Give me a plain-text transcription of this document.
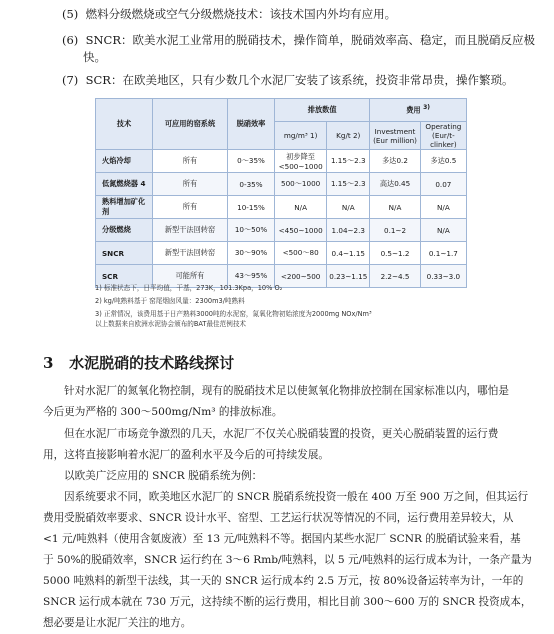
(5) 燃料分级燃烧或空气分级燃烧技术：该技术国内外均有应用。
(6) SNCR：欧美水泥工业常用的脱硝技术，操作简单，脱硝效率高、稳定，而且脱硝反应极
快。
(7) SCR：在欧美地区，只有少数几个水泥厂安装了该系统，投资非常昂贵，操作繁琐。
技术	可应用的窑系统	脱硝效率	排放数值		费用 $^{3)}$
			mg/m³ 1)	Kg/t 2)	Investment (Eur million)	Operating (Eur/t-clinker)
火焰冷却	所有	0～35%	初步降至 <500~1000	1.15～2.3	多达0.2	多达0.5
低氮燃烧器 4	所有	0-35%	500～1000	1.15～2.3	高达0.45	0.07
熟料增加矿化剂	所有	10-15%	N/A	N/A	N/A	N/A
分级燃烧	新型干法回转窑	10～50%	<450~1000	1.04~2.3	0.1~2	N/A
SNCR	新型干法回转窑	30～90%	<500～80	0.4~1.15	0.5~1.2	0.1~1.7
SCR	可能所有	43～95%	<200~500	0.23~1.15	2.2~4.5	0.33~3.0
1) 标准状态下，日平均值，干基，273K，101.3Kpa，10% O₂
2) kg/吨熟料基于 窑尾烟囱风量：2300m3/吨熟料
3) 正常情况，该费用基于日产熟料3000吨的水泥窑，氮氧化物初始浓度为2000mg NOx/Nm³
以上数据来自欧洲水泥协会颁布的BAT最佳范例技术
3 水泥脱硝的技术路线探讨

针对水泥厂的氮氧化物控制，现有的脱硝技术足以使氮氧化物排放控制在国家标准以内，哪怕是

今后更为严格的 300～500mg/Nm³ 的排放标准。

但在水泥厂市场竞争激烈的几天，水泥厂不仅关心脱硝装置的投资，更关心脱硝装置的运行费

用，这将直接影响着水泥厂的盈利水平及今后的可持续发展。

以欧美广泛应用的 SNCR 脱硝系统为例：

因系统要求不同，欧美地区水泥厂的 SNCR 脱硝系统投资一般在 400 万至 900 万之间，但其运行

费用受脱硝效率要求、SNCR 设计水平、窑型、工艺运行状况等情况的不同，运行费用差异较大，从

<1 元/吨熟料（使用含氨废液）至 13 元/吨熟料不等。据国内某些水泥厂 SCNR 的脱硝试验来看，基

于 50%的脱硝效率，SNCR 运行约在 3～6 Rmb/吨熟料，以 5 元/吨熟料的运行成本为计，一条产量为

5000 吨熟料的新型干法线，其一天的 SNCR 运行成本约 2.5 万元，按 80%设备运转率为计，一年的

SNCR 运行成本就在 730 万元，这持续不断的运行费用，相比目前 300～600 万的 SNCR 投资成本，

想必要是让水泥厂关注的地方。
